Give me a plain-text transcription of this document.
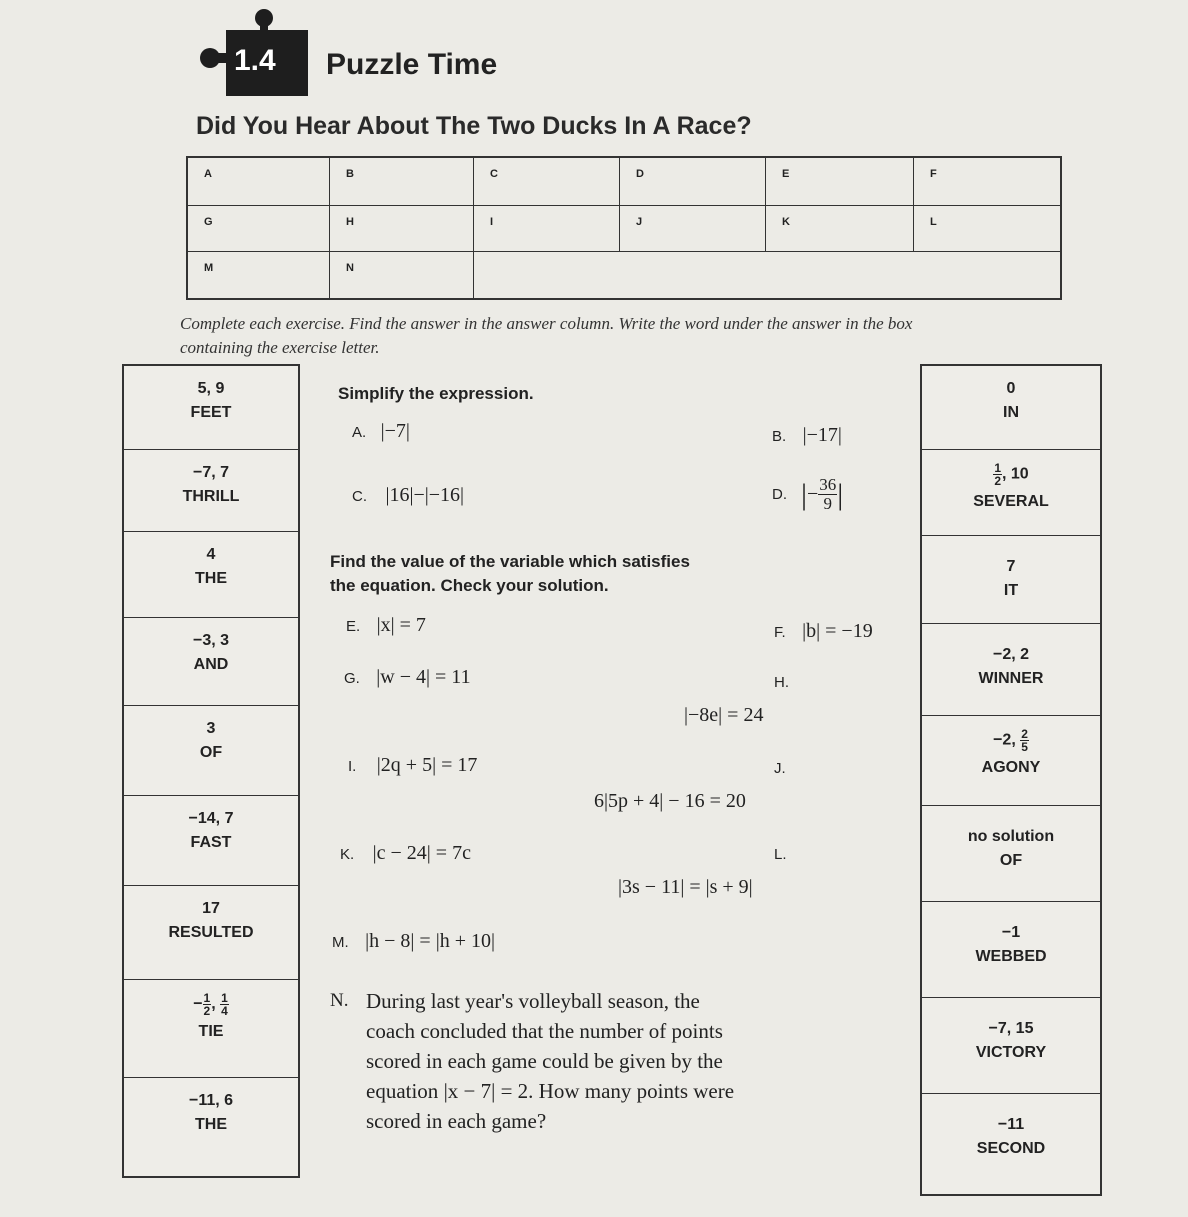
1.4 Puzzle Time
Did You Hear About The Two Ducks In A Race?
A	B	C	D	E	F
G	H	I	J	K	L
M	N
Complete each exercise. Find the answer in the answer column. Write the word under the answer in the box containing the exercise letter.
5, 9
FEET
−7, 7
THRILL
4
THE
−3, 3
AND
3
OF
−14, 7
FAST
17
RESULTED
− $\frac{1}{2}$ , $\frac{1}{4}$
TIE
−11, 6
THE
0
IN
$\frac{1}{2}$ , 10
SEVERAL
7
IT
−2, 2
WINNER
−2, $\frac{2}{5}$
AGONY
no solution
OF
−1
WEBBED
−7, 15
VICTORY
−11
SECOND
Simplify the expression.
A. |−7|	B. |−17|
C. |16|−|−16|	D. | − $\frac{36}{9}$ |
Find the value of the variable which satisfies
the equation. Check your solution.
E. |x| = 7	F. |b| = −19
G. |w − 4| = 11	H.
|−8e| = 24
I. |2q + 5| = 17	J.
6|5p + 4| − 16 = 20
K. |c − 24| = 7c	L.
|3s − 11| = |s + 9|
M. |h − 8| = |h + 10|
N. During last year's volleyball season, the coach concluded that the number of points scored in each game could be given by the equation |x − 7| = 2. How many points were scored in each game?
